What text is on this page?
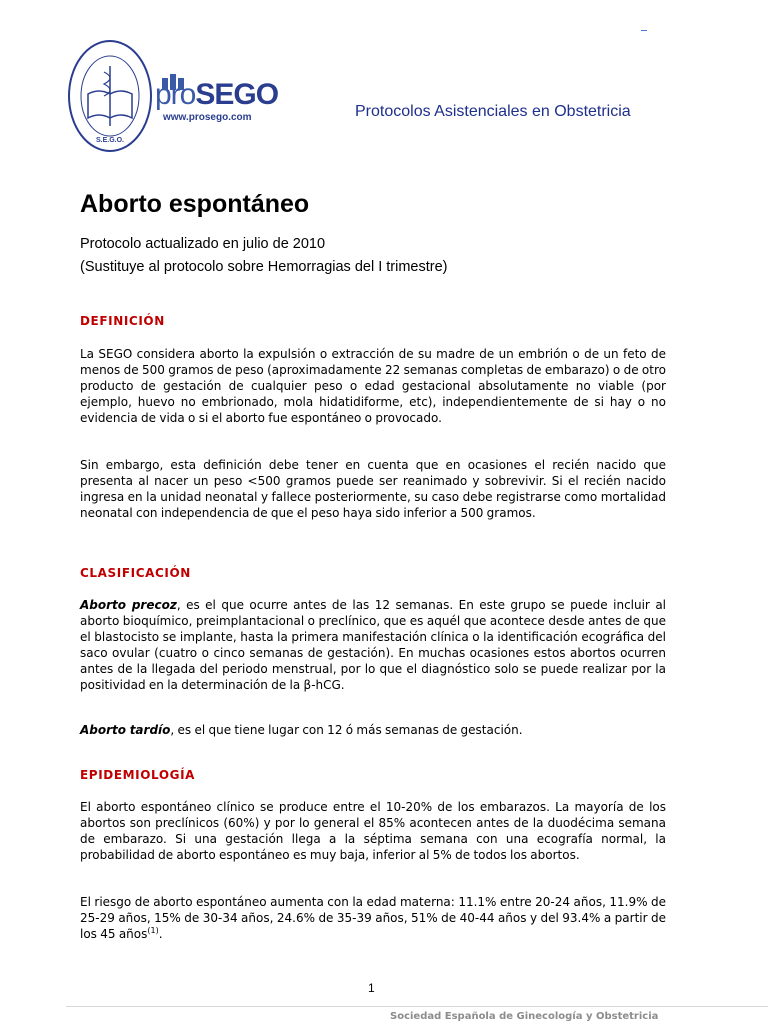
S.E.G.O.
proSEGO
www.prosego.com	Protocolos Asistenciales en Obstetricia
Aborto espontáneo
Protocolo actualizado en julio de 2010
(Sustituye al protocolo sobre Hemorragias del I trimestre)
DEFINICIÓN
La SEGO considera aborto la expulsión o extracción de su madre de un embrión o de un feto de menos de 500 gramos de peso (aproximadamente 22 semanas completas de embarazo) o de otro producto de gestación de cualquier peso o edad gestacional absolutamente no viable (por ejemplo, huevo no embrionado, mola hidatidiforme, etc), independientemente de si hay o no evidencia de vida o si el aborto fue espontáneo o provocado.
Sin embargo, esta definición debe tener en cuenta que en ocasiones el recién nacido que presenta al nacer un peso <500 gramos puede ser reanimado y sobrevivir. Si el recién nacido ingresa en la unidad neonatal y fallece posteriormente, su caso debe registrarse como mortalidad neonatal con independencia de que el peso haya sido inferior a 500 gramos.
CLASIFICACIÓN
Aborto precoz, es el que ocurre antes de las 12 semanas. En este grupo se puede incluir al aborto bioquímico, preimplantacional o preclínico, que es aquél que acontece desde antes de que el blastocisto se implante, hasta la primera manifestación clínica o la identificación ecográfica del saco ovular (cuatro o cinco semanas de gestación). En muchas ocasiones estos abortos ocurren antes de la llegada del periodo menstrual, por lo que el diagnóstico solo se puede realizar por la positividad en la determinación de la β-hCG.
Aborto tardío, es el que tiene lugar con 12 ó más semanas de gestación.
EPIDEMIOLOGÍA
El aborto espontáneo clínico se produce entre el 10-20% de los embarazos. La mayoría de los abortos son preclínicos (60%) y por lo general el 85% acontecen antes de la duodécima semana de embarazo. Si una gestación llega a la séptima semana con una ecografía normal, la probabilidad de aborto espontáneo es muy baja, inferior al 5% de todos los abortos.
El riesgo de aborto espontáneo aumenta con la edad materna: 11.1% entre 20-24 años, 11.9% de 25-29 años, 15% de 30-34 años, 24.6% de 35-39 años, 51% de 40-44 años y del 93.4% a partir de los 45 años$^{(1)}$.
1
Sociedad Española de Ginecología y Obstetricia
